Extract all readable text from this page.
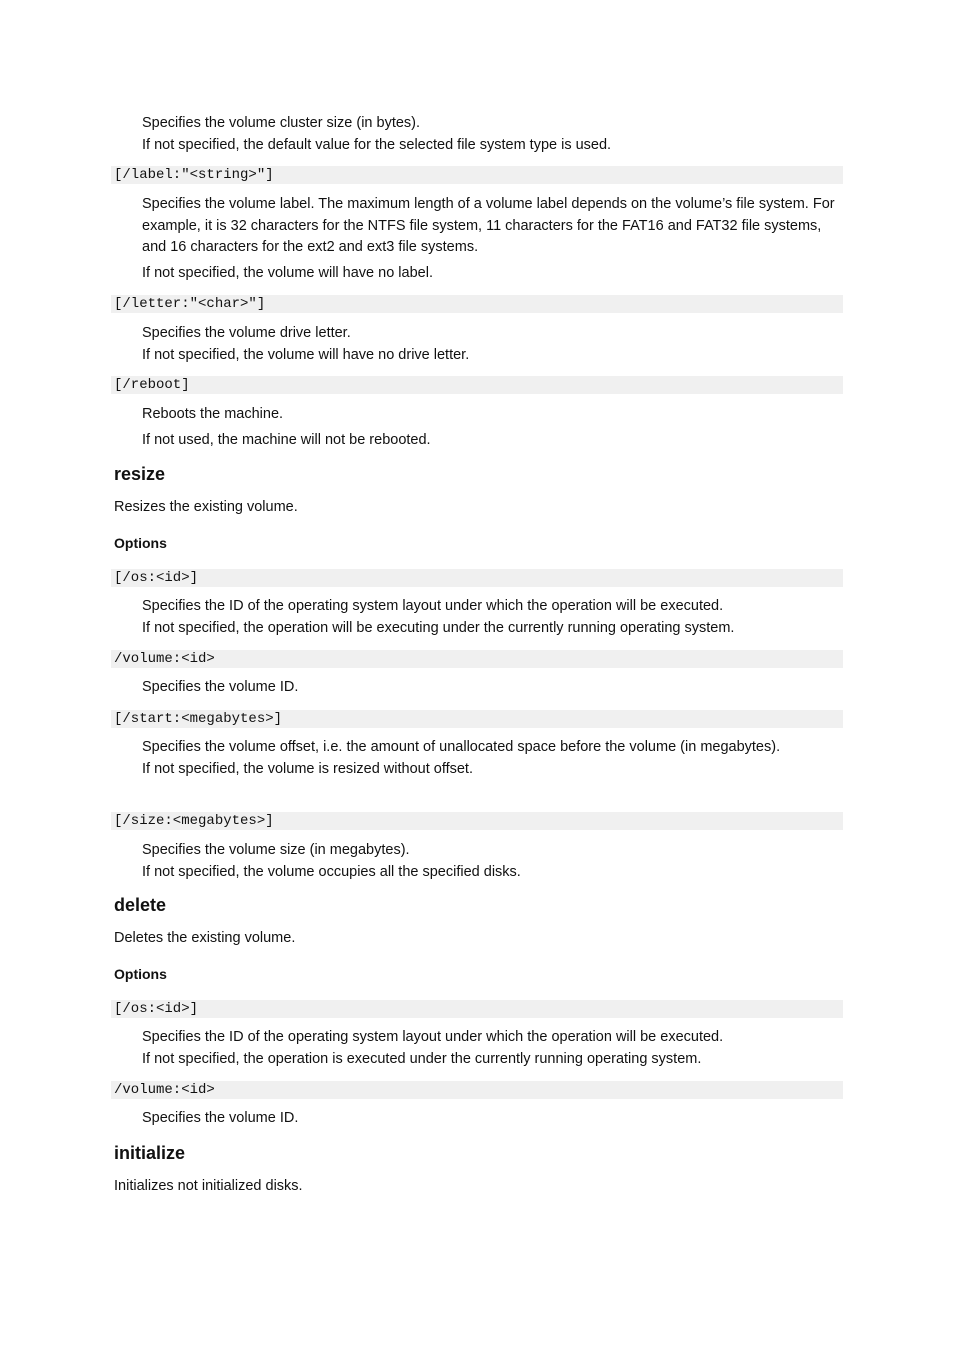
Specifies the volume cluster size (in bytes).

If not specified, the default value for the selected file system type is used.

[/label:"<string>"]

Specifies the volume label. The maximum length of a volume label depends on the volume’s file system. For example, it is 32 characters for the NTFS file system, 11 characters for the FAT16 and FAT32 file systems, and 16 characters for the ext2 and ext3 file systems.

If not specified, the volume will have no label.

[/letter:"<char>"]

Specifies the volume drive letter.

If not specified, the volume will have no drive letter.

[/reboot]

Reboots the machine.

If not used, the machine will not be rebooted.

resize

Resizes the existing volume.

Options
[/os:<id>]

Specifies the ID of the operating system layout under which the operation will be executed.

If not specified, the operation will be executing under the currently running operating system.

/volume:<id>

Specifies the volume ID.

[/start:<megabytes>]

Specifies the volume offset, i.e. the amount of unallocated space before the volume (in megabytes).

If not specified, the volume is resized without offset.

[/size:<megabytes>]

Specifies the volume size (in megabytes).

If not specified, the volume occupies all the specified disks.

delete

Deletes the existing volume.

Options
[/os:<id>]

Specifies the ID of the operating system layout under which the operation will be executed.

If not specified, the operation is executed under the currently running operating system.

/volume:<id>

Specifies the volume ID.

initialize

Initializes not initialized disks.
